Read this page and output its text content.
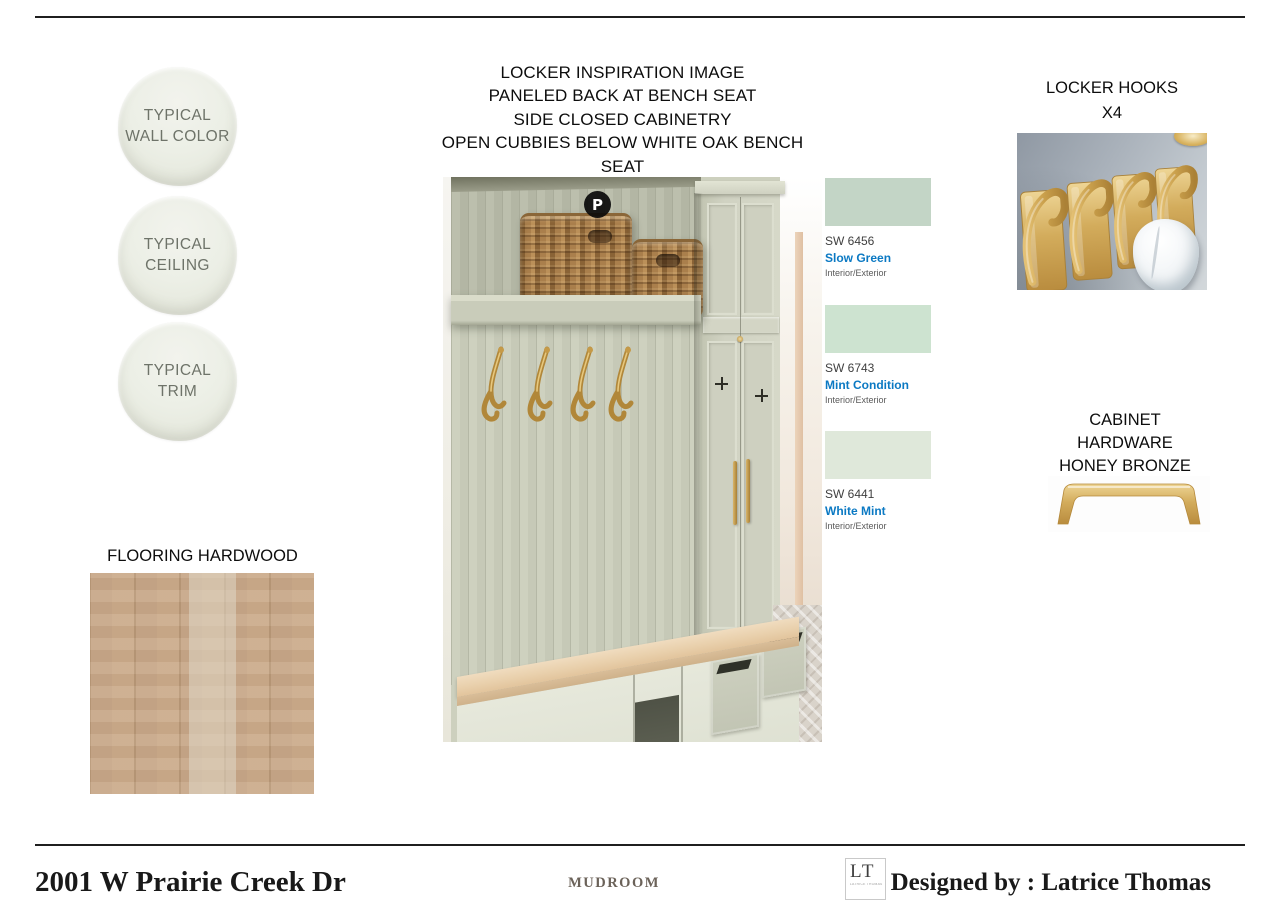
TYPICAL
WALL COLOR
TYPICAL
CEILING
TYPICAL
TRIM
LOCKER INSPIRATION IMAGE
PANELED BACK AT BENCH SEAT
SIDE CLOSED CABINETRY
OPEN CUBBIES BELOW WHITE OAK BENCH
SEAT
P
SW 6456
Slow Green
Interior/Exterior
SW 6743
Mint Condition
Interior/Exterior
SW 6441
White Mint
Interior/Exterior
LOCKER HOOKS
X4
CABINET
HARDWARE
HONEY BRONZE
FLOORING HARDWOOD
2001 W Prairie Creek Dr	MUDROOM
LT
LATRICE THOMAS Designed by : Latrice Thomas
